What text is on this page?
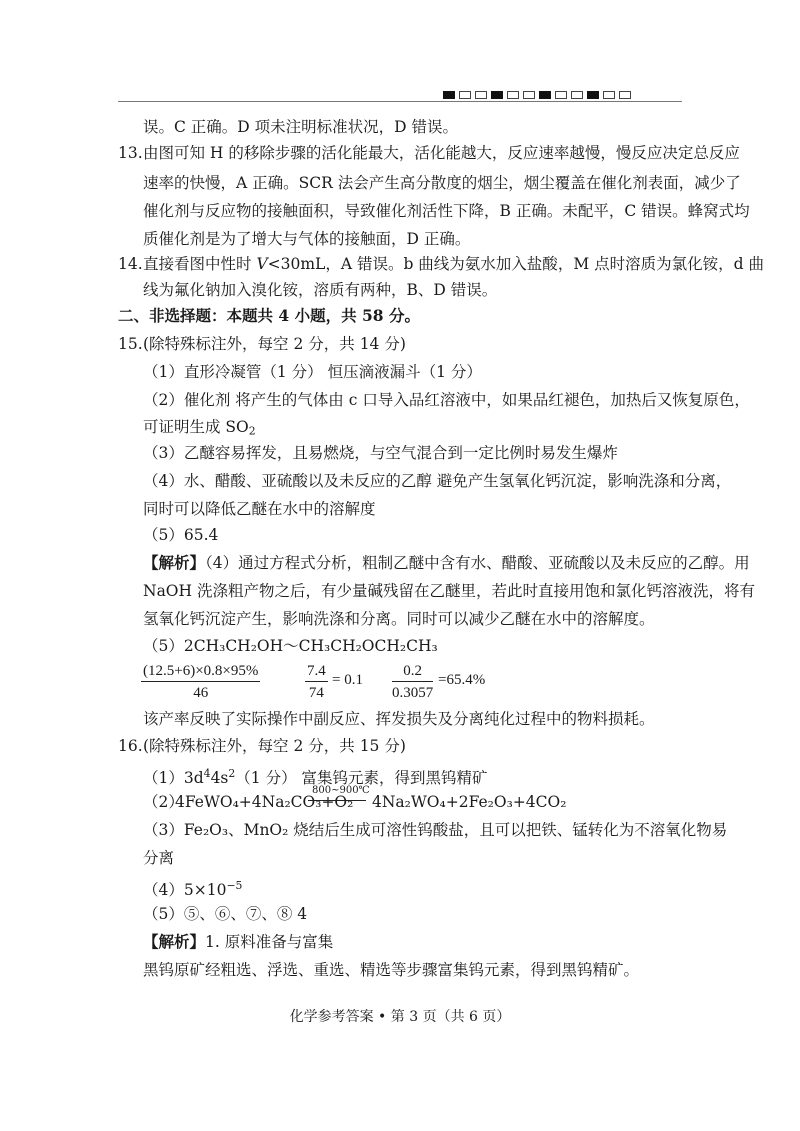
误。C 正确。D 项未注明标准状况，D 错误。
13. 由图可知 H 的移除步骤的活化能最大，活化能越大，反应速率越慢，慢反应决定总反应
速率的快慢，A 正确。SCR 法会产生高分散度的烟尘，烟尘覆盖在催化剂表面，减少了
催化剂与反应物的接触面积，导致催化剂活性下降，B 正确。未配平，C 错误。蜂窝式均
质催化剂是为了增大与气体的接触面，D 正确。
14. 直接看图中性时 V<30mL，A 错误。b 曲线为氨水加入盐酸，M 点时溶质为氯化铵，d 曲
线为氟化钠加入溴化铵，溶质有两种，B、D 错误。
二、非选择题：本题共 4 小题，共 58 分。
15. (除特殊标注外，每空 2 分，共 14 分)
（1）直形冷凝管（1 分） 恒压滴液漏斗（1 分）
（2）催化剂 将产生的气体由 c 口导入品红溶液中，如果品红褪色，加热后又恢复原色，
可证明生成 $SO_2$
（3）乙醚容易挥发，且易燃烧，与空气混合到一定比例时易发生爆炸
（4）水、醋酸、亚硫酸以及未反应的乙醇 避免产生氢氧化钙沉淀，影响洗涤和分离，
同时可以降低乙醚在水中的溶解度
（5）65.4
【解析】（4）通过方程式分析，粗制乙醚中含有水、醋酸、亚硫酸以及未反应的乙醇。用
NaOH 洗涤粗产物之后，有少量碱残留在乙醚里，若此时直接用饱和氯化钙溶液洗，将有
氢氧化钙沉淀产生，影响洗涤和分离。同时可以减少乙醚在水中的溶解度。
（5）2CH₃CH₂OH～CH₃CH₂OCH₂CH₃
$\frac{(12.5+6)\times 0.8\times 95\%}{46}$	$\frac{7.4}{74} = 0.1 \frac{0.2}{0.3057} =65.4\%$
该产率反映了实际操作中副反应、挥发损失及分离纯化过程中的物料损耗。
16. (除特殊标注外，每空 2 分，共 15 分)
$(1)3d^44s^2(1$ 分） 富集钨元素，得到黑钨精矿
（2）
4FeWO₄+4Na₂CO₃+O₂
800~900℃
4Na₂WO₄+2Fe₂O₃+4CO₂
（3）Fe₂O₃、MnO₂ 烧结后生成可溶性钨酸盐，且可以把铁、锰转化为不溶氧化物易
分离
$(4)5\times 10^{-5}$
（5）⑤、⑥、⑦、⑧ 4
【解析】1. 原料准备与富集
黑钨原矿经粗选、浮选、重选、精选等步骤富集钨元素，得到黑钨精矿。
化学参考答案 • 第 3 页（共 6 页）
